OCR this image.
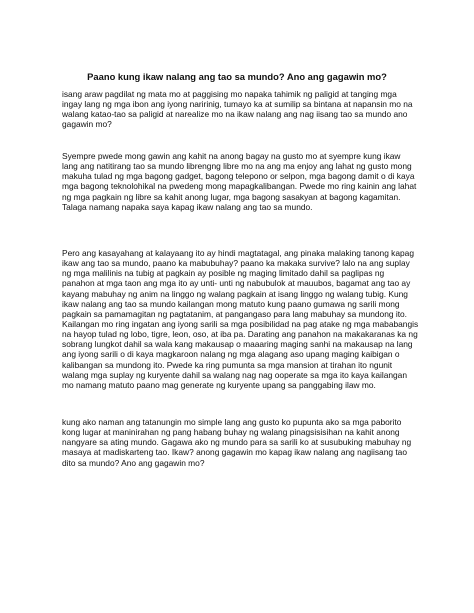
Paano kung ikaw nalang ang tao sa mundo? Ano ang gagawin mo?

isang araw pagdilat ng mata mo at paggising mo napaka tahimik ng paligid at tanging mga
ingay lang ng mga ibon ang iyong naririnig, tumayo ka at sumilip sa bintana at napansin mo na
walang katao-tao sa paligid at narealize mo na ikaw nalang ang nag iisang tao sa mundo ano
gagawin mo?

Syempre pwede mong gawin ang kahit na anong bagay na gusto mo at syempre kung ikaw
lang ang natitirang tao sa mundo librengng libre mo na ang ma enjoy ang lahat ng gusto mong
makuha tulad ng mga bagong gadget, bagong telepono or selpon, mga bagong damit o di kaya
mga bagong teknolohikal na pwedeng mong mapagkalibangan. Pwede mo ring kainin ang lahat
ng mga pagkain ng libre sa kahit anong lugar, mga bagong sasakyan at bagong kagamitan.
Talaga namang napaka saya kapag ikaw nalang ang tao sa mundo.

Pero ang kasayahang at kalayaang ito ay hindi magtatagal, ang pinaka malaking tanong kapag
ikaw ang tao sa mundo, paano ka mabubuhay? paano ka makaka survive? lalo na ang suplay
ng mga malilinis na tubig at pagkain ay posible ng maging limitado dahil sa paglipas ng
panahon at mga taon ang mga ito ay unti- unti ng nabubulok at mauubos, bagamat ang tao ay
kayang mabuhay ng anim na linggo ng walang pagkain at isang linggo ng walang tubig. Kung
ikaw nalang ang tao sa mundo kailangan mong matuto kung paano gumawa ng sarili mong
pagkain sa pamamagitan ng pagtatanim, at pangangaso para lang mabuhay sa mundong ito.
Kailangan mo ring ingatan ang iyong sarili sa mga posibilidad na pag atake ng mga mababangis
na hayop tulad ng lobo, tigre, leon, oso, at iba pa. Darating ang panahon na makakaranas ka ng
sobrang lungkot dahil sa wala kang makausap o maaaring maging sanhi na makausap na lang
ang iyong sarili o di kaya magkaroon nalang ng mga alagang aso upang maging kaibigan o
kalibangan sa mundong ito. Pwede ka ring pumunta sa mga mansion at tirahan ito ngunit
walang mga suplay ng kuryente dahil sa walang nag nag ooperate sa mga ito kaya kailangan
mo namang matuto paano mag generate ng kuryente upang sa panggabing ilaw mo.

kung ako naman ang tatanungin mo simple lang ang gusto ko pupunta ako sa mga paborito
kong lugar at maninirahan ng pang habang buhay ng walang pinagsisisihan na kahit anong
nangyare sa ating mundo. Gagawa ako ng mundo para sa sarili ko at susubuking mabuhay ng
masaya at madiskarteng tao. Ikaw? anong gagawin mo kapag ikaw nalang ang nagiisang tao
dito sa mundo? Ano ang gagawin mo?
